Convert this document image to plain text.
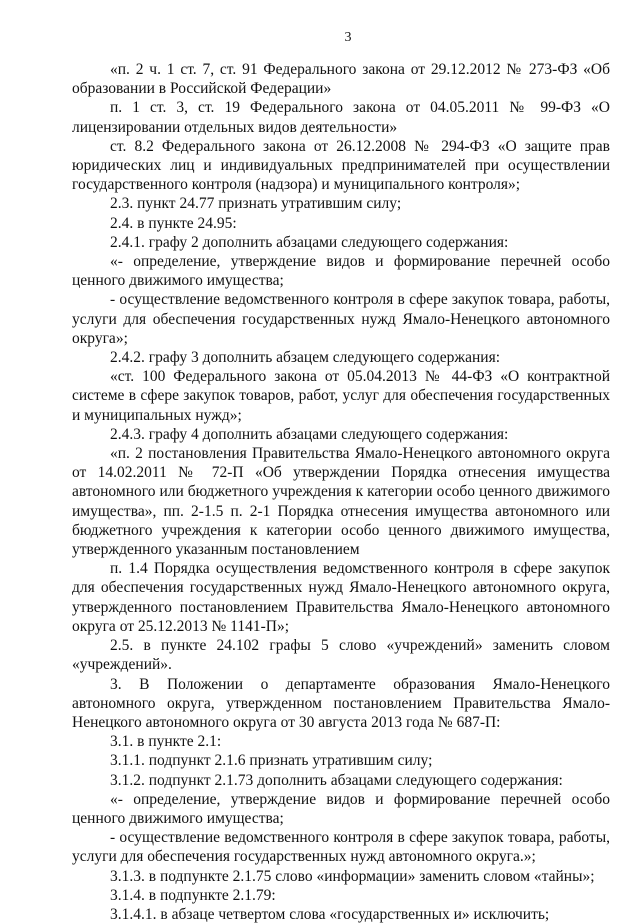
3

«п. 2 ч. 1 ст. 7, ст. 91 Федерального закона от 29.12.2012 № 273-ФЗ «Об образовании в Российской Федерации»

п. 1 ст. 3, ст. 19 Федерального закона от 04.05.2011 № 99-ФЗ «О лицензировании отдельных видов деятельности»

ст. 8.2 Федерального закона от 26.12.2008 № 294-ФЗ «О защите прав юридических лиц и индивидуальных предпринимателей при осуществлении государственного контроля (надзора) и муниципального контроля»;

2.3. пункт 24.77 признать утратившим силу;

2.4. в пункте 24.95:

2.4.1. графу 2 дополнить абзацами следующего содержания:

«- определение, утверждение видов и формирование перечней особо ценного движимого имущества;

- осуществление ведомственного контроля в сфере закупок товара, работы, услуги для обеспечения государственных нужд Ямало-Ненецкого автономного округа»;

2.4.2. графу 3 дополнить абзацем следующего содержания:

«ст. 100 Федерального закона от 05.04.2013 № 44-ФЗ «О контрактной системе в сфере закупок товаров, работ, услуг для обеспечения государственных и муниципальных нужд»;

2.4.3. графу 4 дополнить абзацами следующего содержания:

«п. 2 постановления Правительства Ямало-Ненецкого автономного округа от 14.02.2011 № 72-П «Об утверждении Порядка отнесения имущества автономного или бюджетного учреждения к категории особо ценного движимого имущества», пп. 2-1.5 п. 2-1 Порядка отнесения имущества автономного или бюджетного учреждения к категории особо ценного движимого имущества, утвержденного указанным постановлением

п. 1.4 Порядка осуществления ведомственного контроля в сфере закупок для обеспечения государственных нужд Ямало-Ненецкого автономного округа, утвержденного постановлением Правительства Ямало-Ненецкого автономного округа от 25.12.2013 № 1141-П»;

2.5. в пункте 24.102 графы 5 слово «учреждений» заменить словом «учреждений».

3. В Положении о департаменте образования Ямало-Ненецкого автономного округа, утвержденном постановлением Правительства Ямало-Ненецкого автономного округа от 30 августа 2013 года № 687-П:

3.1. в пункте 2.1:

3.1.1. подпункт 2.1.6 признать утратившим силу;

3.1.2. подпункт 2.1.73 дополнить абзацами следующего содержания:

«- определение, утверждение видов и формирование перечней особо ценного движимого имущества;

- осуществление ведомственного контроля в сфере закупок товара, работы, услуги для обеспечения государственных нужд автономного округа.»;

3.1.3. в подпункте 2.1.75 слово «информации» заменить словом «тайны»;

3.1.4. в подпункте 2.1.79:

3.1.4.1. в абзаце четвертом слова «государственных и» исключить;
